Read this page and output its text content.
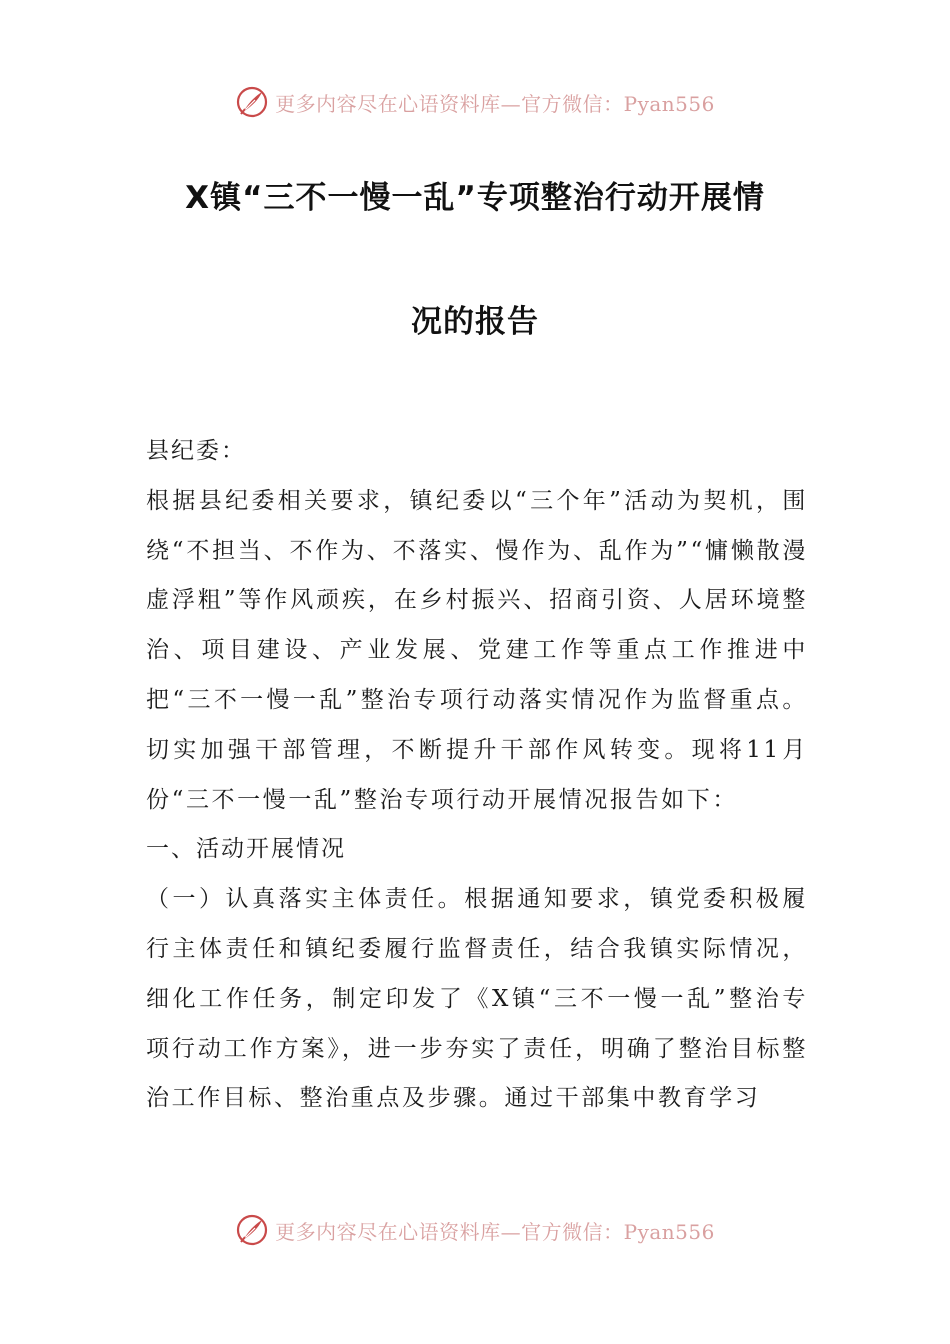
更多内容尽在心语资料库—官方微信：Pyan556
X镇“三不一慢一乱”专项整治行动开展情
况的报告

县纪委：

根据县纪委相关要求，镇纪委以“三个年”活动为契机，围绕“不担当、不作为、不落实、慢作为、乱作为”“慵懒散漫虚浮粗”等作风顽疾，在乡村振兴、招商引资、人居环境整治、项目建设、产业发展、党建工作等重点工作推进中把“三不一慢一乱”整治专项行动落实情况作为监督重点。切实加强干部管理，不断提升干部作风转变。现将11月份“三不一慢一乱”整治专项行动开展情况报告如下：

一、活动开展情况

（一）认真落实主体责任。根据通知要求，镇党委积极履行主体责任和镇纪委履行监督责任，结合我镇实际情况，细化工作任务，制定印发了《X镇“三不一慢一乱”整治专项行动工作方案》，进一步夯实了责任，明确了整治目标整治工作目标、整治重点及步骤。通过干部集中教育学习

更多内容尽在心语资料库—官方微信：Pyan556
